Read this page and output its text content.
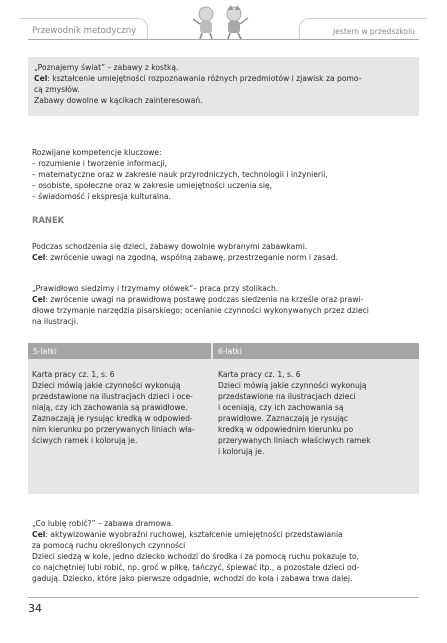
Przewodnik metodyczny	Jestem w przedszkolu
„Poznajemy świat” – zabawy z kostką.
Cel: kształcenie umiejętności rozpoznawania różnych przedmiotów i zjawisk za pomo-
cą zmysłów.
Zabawy dowolne w kącikach zainteresowań.
Rozwijane kompetencje kluczowe:
– rozumienie i tworzenie informacji,
– matematyczne oraz w zakresie nauk przyrodniczych, technologii i inżynierii,
– osobiste, społeczne oraz w zakresie umiejętności uczenia się,
– świadomość i ekspresja kulturalna.
RANEK
Podczas schodzenia się dzieci, zabawy dowolnie wybranymi zabawkami.
Cel: zwrócenie uwagi na zgodną, wspólną zabawę, przestrzeganie norm i zasad.
„Prawidłowo siedzimy i trzymamy ołówek”– praca przy stolikach.
Cel: zwrócenie uwagi na prawidłową postawę podczas siedzenia na krześle oraz prawi-
dłowe trzymanie narzędzia pisarskiego; ocenianie czynności wykonywanych przez dzieci
na ilustracji.
5-latki	6-latki
Karta pracy cz. 1, s. 6
Dzieci mówią jakie czynności wykonują
przedstawione na ilustracjach dzieci i oce-
niają, czy ich zachowania są prawidłowe.
Zaznaczają je rysując kredką w odpowied-
nim kierunku po przerywanych liniach wła-
ściwych ramek i kolorują je.
Karta pracy cz. 1, s. 6
Dzieci mówią jakie czynności wykonują
przedstawione na ilustracjach dzieci
i oceniają, czy ich zachowania są
prawidłowe. Zaznaczają je rysując
kredką w odpowiednim kierunku po
przerywanych liniach właściwych ramek
i kolorują je.
„Co lubię robić?” – zabawa dramowa.
Cel: aktywizowanie wyobraźni ruchowej, kształcenie umiejętności przedstawiania
za pomocą ruchu określonych czynności
Dzieci siedzą w kole, jedno dziecko wchodzi do środka i za pomocą ruchu pokazuje to,
co najchętniej lubi robić, np. groć w piłkę, tańczyć, śpiewać itp., a pozostałe dzieci od-
gadują. Dziecko, które jako pierwsze odgadnie, wchodzi do koła i zabawa trwa dalej.
34
